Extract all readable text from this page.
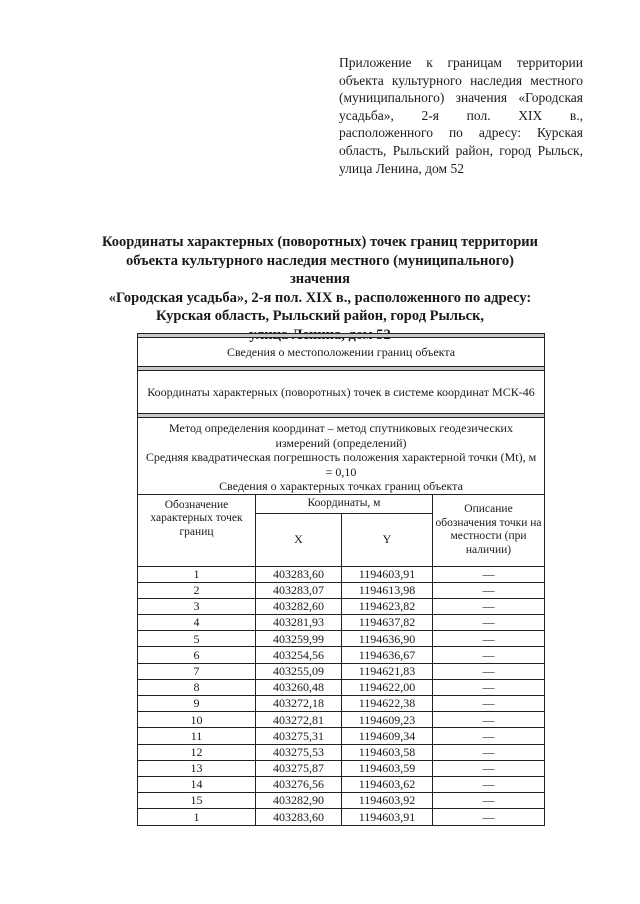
Приложение к границам территории объекта культурного наследия местного (муниципального) значения «Городская усадьба», 2-я пол. XIX в., расположенного по адресу: Курская область, Рыльский район, город Рыльск, улица Ленина, дом 52
Координаты характерных (поворотных) точек границ территории
объекта культурного наследия местного (муниципального) значения
«Городская усадьба», 2-я пол. XIX в., расположенного по адресу:
Курская область, Рыльский район, город Рыльск,

Сведения о местоположении границ объекта			

Координаты характерных (поворотных) точек в системе координат МСК-46			

Метод определения координат – метод спутниковых геодезических измерений (определений)
Средняя квадратическая погрешность положения характерной точки (Mt), м = 0,10
Сведения о характерных точках границ объекта			

Обозначение характерных точек границ	Координаты, м		Описание обозначения точки на местности (при наличии)
	X	Y	
1	403283,60	1194603,91	—
2	403283,07	1194613,98	—
3	403282,60	1194623,82	—
4	403281,93	1194637,82	—
5	403259,99	1194636,90	—
6	403254,56	1194636,67	—
7	403255,09	1194621,83	—
8	403260,48	1194622,00	—
9	403272,18	1194622,38	—
10	403272,81	1194609,23	—
11	403275,31	1194609,34	—
12	403275,53	1194603,58	—
13	403275,87	1194603,59	—
14	403276,56	1194603,62	—
15	403282,90	1194603,92	—
1	403283,60	1194603,91	—
